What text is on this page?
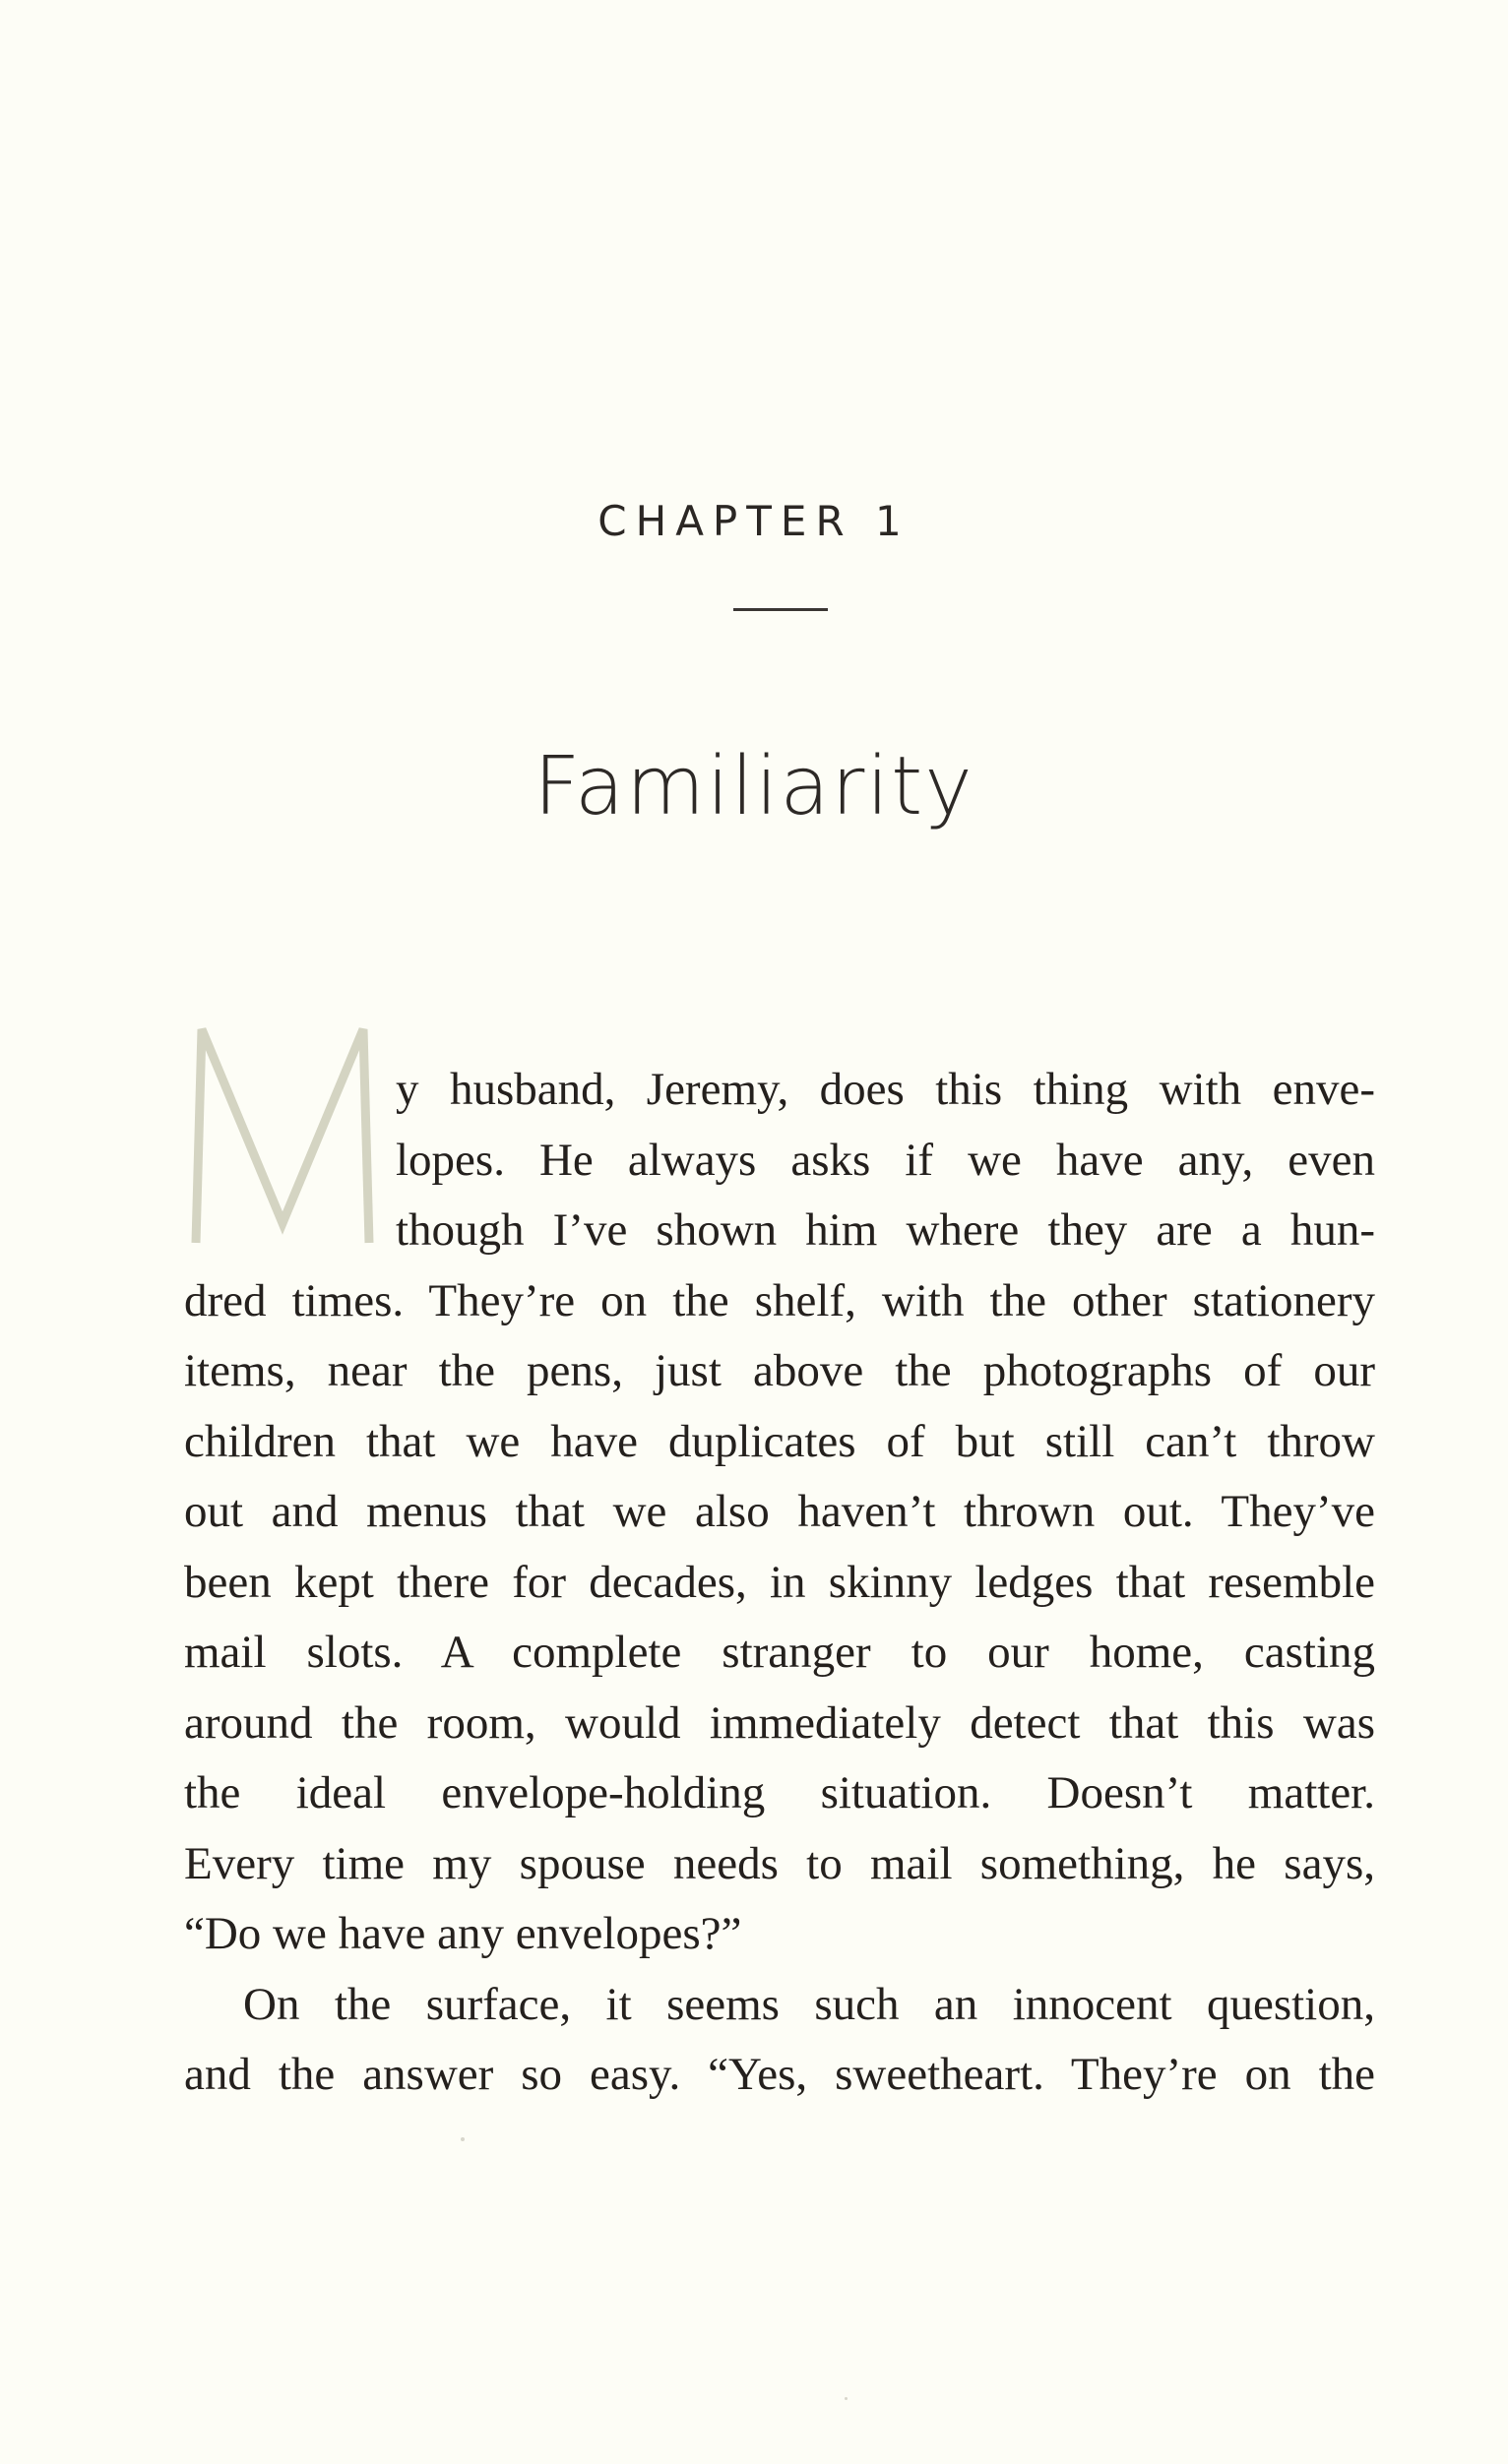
CHAPTER 1
Familiarity
y husband, Jeremy, does this thing with enve-
lopes. He always asks if we have any, even
though I’ve shown him where they are a hun-
dred times. They’re on the shelf, with the other stationery
items, near the pens, just above the photographs of our
children that we have duplicates of but still can’t throw
out and menus that we also haven’t thrown out. They’ve
been kept there for decades, in skinny ledges that resemble
mail slots. A complete stranger to our home, casting
around the room, would immediately detect that this was
the ideal envelope-holding situation. Doesn’t matter.
Every time my spouse needs to mail something, he says,
“Do we have any envelopes?”
On the surface, it seems such an innocent question,
and the answer so easy. “Yes, sweetheart. They’re on the
